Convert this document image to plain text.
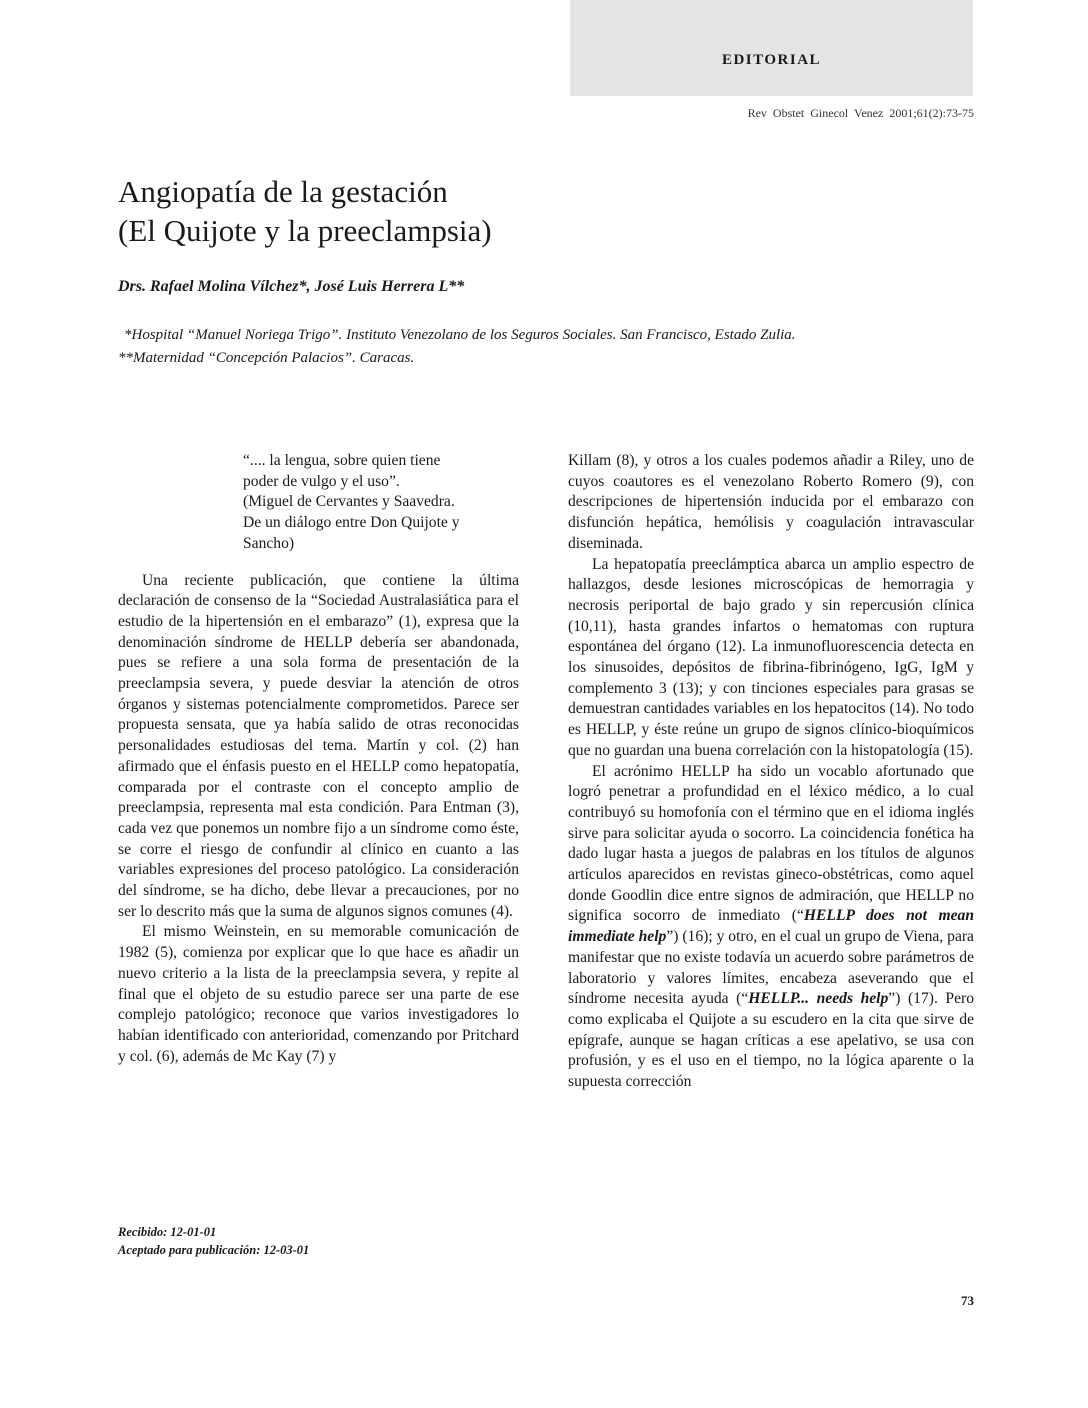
EDITORIAL
Rev Obstet Ginecol Venez 2001;61(2):73-75
Angiopatía de la gestación
(El Quijote y la preeclampsia)
Drs. Rafael Molina Vílchez*, José Luis Herrera L**
*Hospital “Manuel Noriega Trigo”. Instituto Venezolano de los Seguros Sociales. San Francisco, Estado Zulia.
**Maternidad “Concepción Palacios”. Caracas.
“.... la lengua, sobre quien tiene
poder de vulgo y el uso”.
(Miguel de Cervantes y Saavedra.
De un diálogo entre Don Quijote y
Sancho)

Una reciente publicación, que contiene la última declaración de consenso de la “Sociedad Australasiática para el estudio de la hipertensión en el embarazo” (1), expresa que la denominación síndrome de HELLP debería ser abandonada, pues se refiere a una sola forma de presentación de la preeclampsia severa, y puede desviar la atención de otros órganos y sistemas potencialmente comprometidos. Parece ser propuesta sensata, que ya había salido de otras reconocidas personalidades estudiosas del tema. Martín y col. (2) han afirmado que el énfasis puesto en el HELLP como hepatopatía, comparada por el contraste con el concepto amplio de preeclampsia, representa mal esta condición. Para Entman (3), cada vez que ponemos un nombre fijo a un síndrome como éste, se corre el riesgo de confundir al clínico en cuanto a las variables expresiones del proceso patológico. La consideración del síndrome, se ha dicho, debe llevar a precauciones, por no ser lo descrito más que la suma de algunos signos comunes (4).

El mismo Weinstein, en su memorable comunicación de 1982 (5), comienza por explicar que lo que hace es añadir un nuevo criterio a la lista de la preeclampsia severa, y repite al final que el objeto de su estudio parece ser una parte de ese complejo patológico; reconoce que varios investigadores lo habían identificado con anterioridad, comenzando por Pritchard y col. (6), además de Mc Kay (7) y

Killam (8), y otros a los cuales podemos añadir a Riley, uno de cuyos coautores es el venezolano Roberto Romero (9), con descripciones de hipertensión inducida por el embarazo con disfunción hepática, hemólisis y coagulación intravascular diseminada.

La hepatopatía preeclámptica abarca un amplio espectro de hallazgos, desde lesiones microscópicas de hemorragia y necrosis periportal de bajo grado y sin repercusión clínica (10,11), hasta grandes infartos o hematomas con ruptura espontánea del órgano (12). La inmunofluorescencia detecta en los sinusoides, depósitos de fibrina-fibrinógeno, IgG, IgM y complemento 3 (13); y con tinciones especiales para grasas se demuestran cantidades variables en los hepatocitos (14). No todo es HELLP, y éste reúne un grupo de signos clínico-bioquímicos que no guardan una buena correlación con la histopatología (15).

El acrónimo HELLP ha sido un vocablo afortunado que logró penetrar a profundidad en el léxico médico, a lo cual contribuyó su homofonía con el término que en el idioma inglés sirve para solicitar ayuda o socorro. La coincidencia fonética ha dado lugar hasta a juegos de palabras en los títulos de algunos artículos aparecidos en revistas gineco-obstétricas, como aquel donde Goodlin dice entre signos de admiración, que HELLP no significa socorro de inmediato (“HELLP does not mean immediate help”) (16); y otro, en el cual un grupo de Viena, para manifestar que no existe todavía un acuerdo sobre parámetros de laboratorio y valores límites, encabeza aseverando que el síndrome necesita ayuda (“HELLP... needs help”) (17). Pero como explicaba el Quijote a su escudero en la cita que sirve de epígrafe, aunque se hagan críticas a ese apelativo, se usa con profusión, y es el uso en el tiempo, no la lógica aparente o la supuesta corrección

Recibido: 12-01-01
Aceptado para publicación: 12-03-01
73
